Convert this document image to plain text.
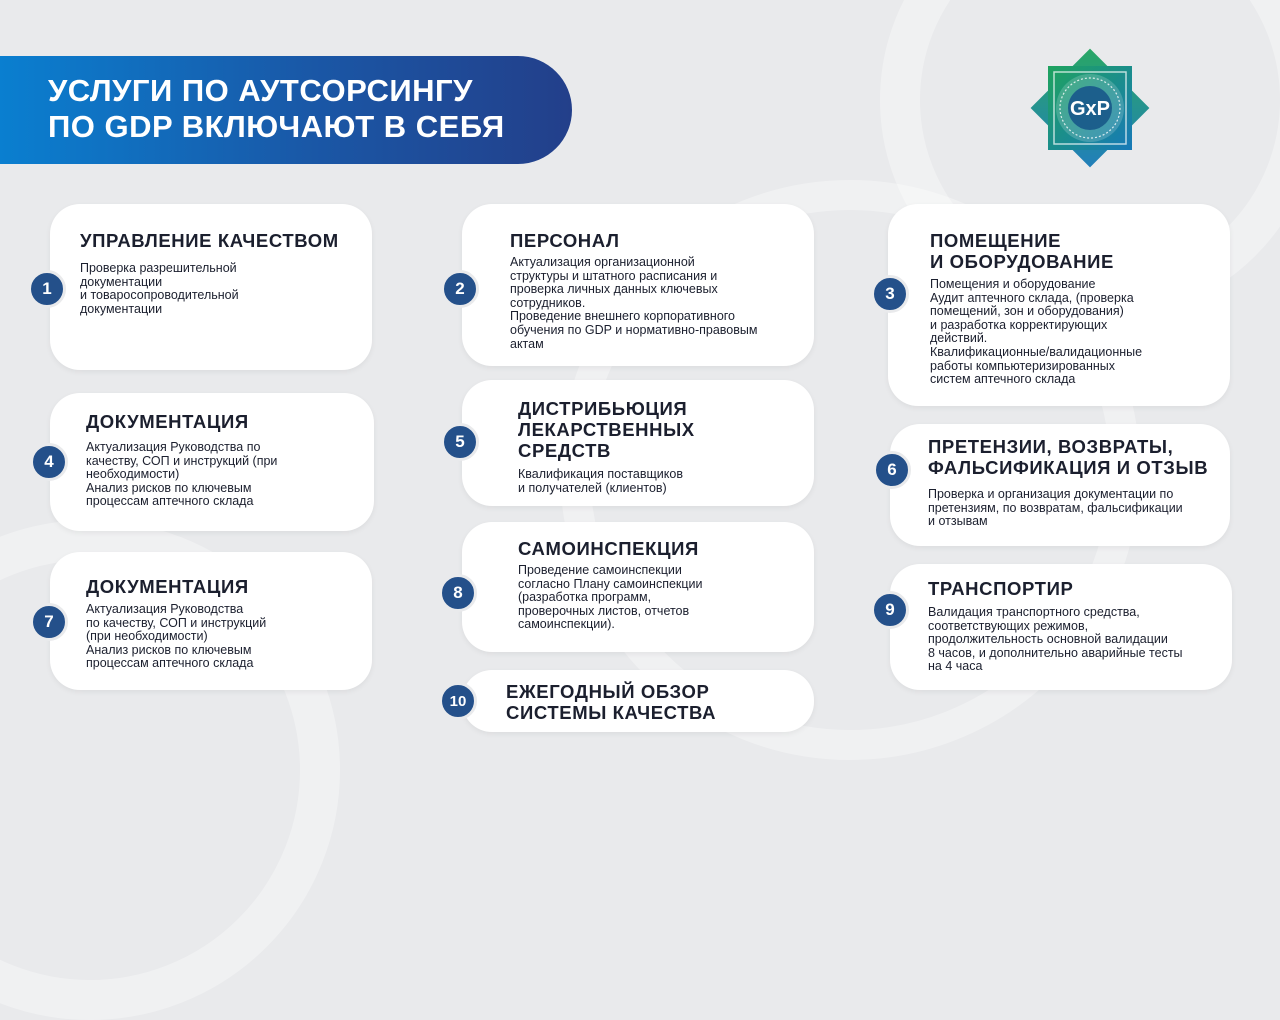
УСЛУГИ ПО АУТСОРСИНГУ
ПО GDP ВКЛЮЧАЮТ В СЕБЯ	GxP
УПРАВЛЕНИЕ КАЧЕСТВОМ

Проверка разрешительной
документации
и товаросопроводительной
документации

1
ПЕРСОНАЛ

Актуализация организационной
структуры и штатного расписания и
проверка личных данных ключевых
сотрудников.
Проведение внешнего корпоративного
обучения по GDP и нормативно-правовым
актам

2
ПОМЕЩЕНИЕ
И ОБОРУДОВАНИЕ

Помещения и оборудование
Аудит аптечного склада, (проверка
помещений, зон и оборудования)
и разработка корректирующих
действий.
Квалификационные/валидационные
работы компьютеризированных
систем аптечного склада

3
ДОКУМЕНТАЦИЯ

Актуализация Руководства по
качеству, СОП и инструкций (при
необходимости)
Анализ рисков по ключевым
процессам аптечного склада

4
ДИСТРИБЬЮЦИЯ
ЛЕКАРСТВЕННЫХ
СРЕДСТВ

Квалификация поставщиков
и получателей (клиентов)

5	ПРЕТЕНЗИИ, ВОЗВРАТЫ,
ФАЛЬСИФИКАЦИЯ И ОТЗЫВ

Проверка и организация документации по
претензиям, по возвратам, фальсификации
и отзывам

6
ДОКУМЕНТАЦИЯ

Актуализация Руководства
по качеству, СОП и инструкций
(при необходимости)
Анализ рисков по ключевым
процессам аптечного склада

7
САМОИНСПЕКЦИЯ

Проведение самоинспекции
согласно Плану самоинспекции
(разработка программ,
проверочных листов, отчетов
самоинспекции).

8	ТРАНСПОРТИР

Валидация транспортного средства,
соответствующих режимов,
продолжительность основной валидации
8 часов, и дополнительно аварийные тесты
на 4 часа

9
ЕЖЕГОДНЫЙ ОБЗОР
СИСТЕМЫ КАЧЕСТВА
10
